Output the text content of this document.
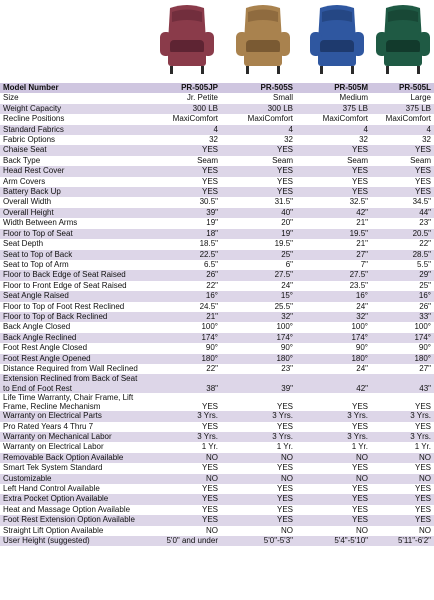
Model Number	PR-505JP	PR-505S	PR-505M	PR-505L
Size	Jr. Petite	Small	Medium	Large
Weight Capacity	300 LB	300 LB	375 LB	375 LB
Recline Positions	MaxiComfort	MaxiComfort	MaxiComfort	MaxiComfort
Standard Fabrics	4	4	4	4
Fabric Options	32	32	32	32
Chaise Seat	YES	YES	YES	YES
Back Type	Seam	Seam	Seam	Seam
Head Rest Cover	YES	YES	YES	YES
Arm Covers	YES	YES	YES	YES
Battery Back Up	YES	YES	YES	YES
Overall Width	30.5"	31.5"	32.5"	34.5"
Overall Height	39"	40"	42"	44"
Width Between Arms	19"	20"	21"	23"
Floor to Top of Seat	18"	19"	19.5"	20.5"
Seat Depth	18.5"	19.5"	21"	22"
Seat to Top of Back	22.5"	25"	27"	28.5"
Seat to Top of Arm	6.5"	6"	7"	5.5"
Floor to Back Edge of Seat Raised	26"	27.5"	27.5"	29"
Floor to Front Edge of Seat Raised	22"	24"	23.5"	25"
Seat Angle Raised	16°	15°	16°	16°
Floor to Top of Foot Rest Reclined	24.5"	25.5"	24"	26"
Floor to Top of Back Reclined	21"	32"	32"	33"
Back Angle Closed	100°	100°	100°	100°
Back Angle Reclined	174°	174°	174°	174°
Foot Rest Angle Closed	90°	90°	90°	90°
Foot Rest Angle Opened	180°	180°	180°	180°
Distance Required from Wall Reclined	22"	23"	24"	27"
Extension Reclined from Back of Seat to End of Foot Rest	38"	39"	42"	43"
Life Time Warranty, Chair Frame, Lift Frame, Recline Mechanism	YES	YES	YES	YES
Warranty on Electrical Parts	3 Yrs.	3 Yrs.	3 Yrs.	3 Yrs.
Pro Rated Years 4 Thru 7	YES	YES	YES	YES
Warranty on Mechanical Labor	3 Yrs.	3 Yrs.	3 Yrs.	3 Yrs.
Warranty on Electrical Labor	1 Yr.	1 Yr.	1 Yr.	1 Yr.
Removable Back Option Available	NO	NO	NO	NO
Smart Tek System Standard	YES	YES	YES	YES
Customizable	NO	NO	NO	NO
Left Hand Control Available	YES	YES	YES	YES
Extra Pocket Option Available	YES	YES	YES	YES
Heat and Massage Option Available	YES	YES	YES	YES
Foot Rest Extension Option Available	YES	YES	YES	YES
Straight Lift Option Available	NO	NO	NO	NO
User Height (suggested)	5'0" and under	5'0"-5'3"	5'4"-5'10"	5'11"-6'2"
